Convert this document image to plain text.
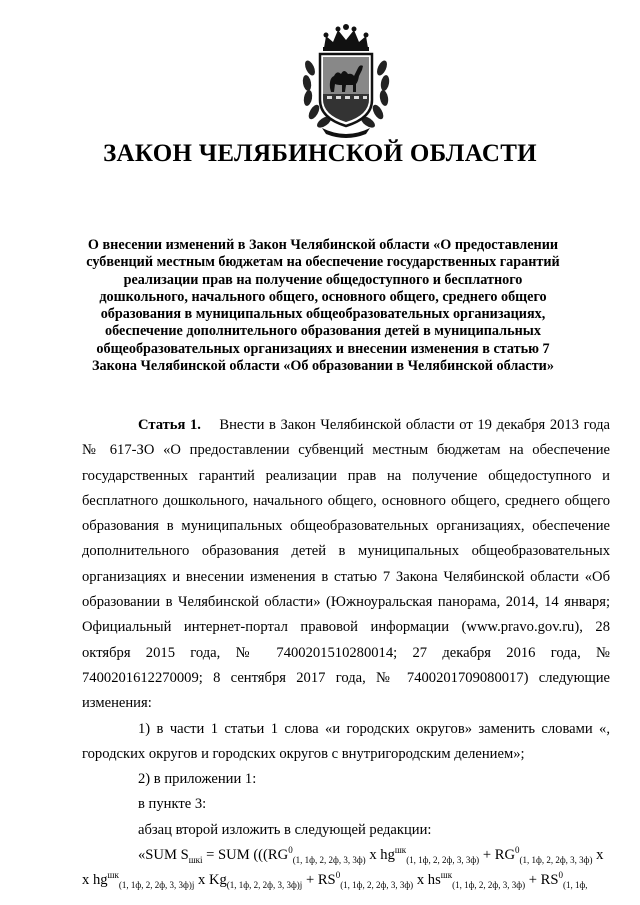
ЗАКОН ЧЕЛЯБИНСКОЙ ОБЛАСТИ
О внесении изменений в Закон Челябинской области «О предоставлении субвенций местным бюджетам на обеспечение государственных гарантий реализации прав на получение общедоступного и бесплатного дошкольного, начального общего, основного общего, среднего общего образования в муниципальных общеобразовательных организациях, обеспечение дополнительного образования детей в муниципальных общеобразовательных организациях и внесении изменения в статью 7 Закона Челябинской области «Об образовании в Челябинской области»

Статья 1. Внести в Закон Челябинской области от 19 декабря 2013 года № 617-ЗО «О предоставлении субвенций местным бюджетам на обеспечение государственных гарантий реализации прав на получение общедоступного и бесплатного дошкольного, начального общего, основного общего, среднего общего образования в муниципальных общеобразовательных организациях, обеспечение дополнительного образования детей в муниципальных общеобразовательных организациях и внесении изменения в статью 7 Закона Челябинской области «Об образовании в Челябинской области» (Южноуральская панорама, 2014, 14 января; Официальный интернет-портал правовой информации (www.pravo.gov.ru), 28 октября 2015 года, № 7400201510280014; 27 декабря 2016 года, № 7400201612270009; 8 сентября 2017 года, № 7400201709080017) следующие изменения:

1) в части 1 статьи 1 слова «и городских округов» заменить словами «, городских округов и городских округов с внутригородским делением»;

2) в приложении 1:

в пункте 3:

абзац второй изложить в следующей редакции:

«SUM $S_{шкi}$ = SUM ((($RG^0_{(1, 1ф, 2, 2ф, 3, 3ф)}$ x $hg^{шк}_{(1, 1ф, 2, 2ф, 3, 3ф)} + RG^0_{(1, 1ф, 2, 2ф, 3, 3ф)}$ x

x $hg^{шк}_{(1, 1ф, 2, 2ф, 3, 3ф)j}$ x $Kg_{(1, 1ф, 2, 2ф, 3, 3ф)j} + RS^0_{(1, 1ф, 2, 2ф, 3, 3ф)}$ x $hs^{шк}_{(1, 1ф, 2, 2ф, 3, 3ф)} + RS^0_{(1, 1ф,}$
